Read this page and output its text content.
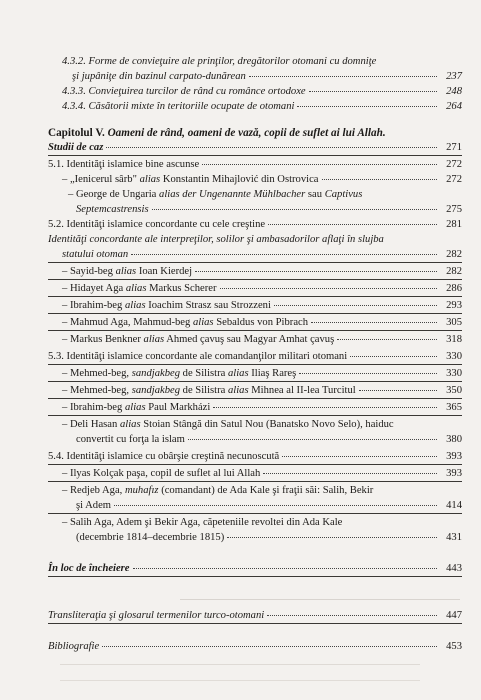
4.3.2. Forme de convieţuire ale prinţilor, dregătorilor otomani cu domniţe
şi jupâniţe din bazinul carpato-dunărean	237
4.3.3. Convieţuirea turcilor de rând cu românce ortodoxe	248
4.3.4. Căsătorii mixte în teritoriile ocupate de otomani	264
Capitolul V. Oameni de rând, oameni de vază, copii de suflet ai lui Allah.
Studii de caz	271
5.1. Identităţi islamice bine ascunse	272
– „Ienicerul sârb" alias Konstantin Mihajlović din Ostrovica	272
– George de Ungaria alias der Ungenannte Mühlbacher sau Captivus
Septemcastrensis	275
5.2. Identităţi islamice concordante cu cele creştine	281
Identităţi concordante ale interpreţilor, solilor şi ambasadorilor aflaţi în slujba
statului otoman	282
– Sayid-beg alias Ioan Kierdej	282
– Hidayet Aga alias Markus Scherer	286
– Ibrahim-beg alias Ioachim Strasz sau Strozzeni	293
– Mahmud Aga, Mahmud-beg alias Sebaldus von Pibrach	305
– Markus Benkner alias Ahmed çavuş sau Magyar Amhat çavuş	318
5.3. Identităţi islamice concordante ale comandanţilor militari otomani	330
– Mehmed-beg, sandjakbeg de Silistra alias Iliaş Rareş	330
– Mehmed-beg, sandjakbeg de Silistra alias Mihnea al II-lea Turcitul	350
– Ibrahim-beg alias Paul Markházi	365
– Deli Hasan alias Stoian Stângă din Satul Nou (Banatsko Novo Selo), haiduc
convertit cu forţa la islam	380
5.4. Identităţi islamice cu obârşie creştină necunoscută	393
– Ilyas Kolçak paşa, copil de suflet al lui Allah	393
– Redjeb Aga, muhafız (comandant) de Ada Kale şi fraţii săi: Salih, Bekir
şi Adem	414
– Salih Aga, Adem şi Bekir Aga, căpeteniile revoltei din Ada Kale
(decembrie 1814–decembrie 1815)	431
În loc de încheiere	443
Transliteraţia şi glosarul termenilor turco-otomani	447
Bibliografie	453
